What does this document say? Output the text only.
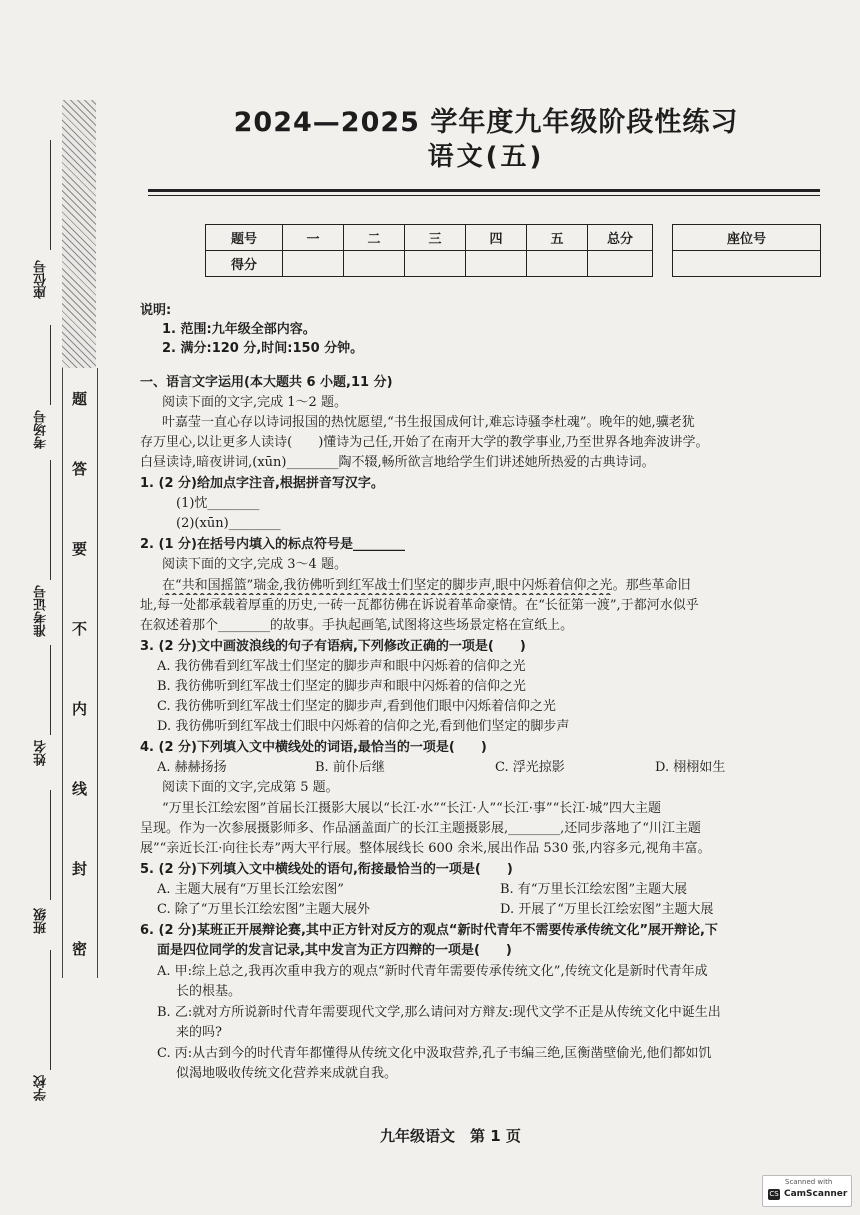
座位号
考场号
准考证号
姓名
班级
学校
密
封
线
内
不
要
答
题
2024—2025 学年度九年级阶段性练习
语文(五)
题号	一	二	三	四	五	总分
得分						
座位号

说明:
1. 范围:九年级全部内容。
2. 满分:120 分,时间:150 分钟。
一、语言文字运用(本大题共 6 小题,11 分)
阅读下面的文字,完成 1～2 题。
叶嘉莹一直心存以诗词报国的热忱愿望,“书生报国成何计,难忘诗骚李杜魂”。晚年的她,骥老犹
存万里心,以让更多人读诗(　　)懂诗为己任,开始了在南开大学的教学事业,乃至世界各地奔波讲学。
白昼读诗,暗夜讲词,(xūn)________陶不辍,畅所欲言地给学生们讲述她所热爱的古典诗词。
1. (2 分)给加点字注音,根据拼音写汉字。
(1)忱________
(2)(xūn)________
2. (1 分)在括号内填入的标点符号是________
阅读下面的文字,完成 3～4 题。
在“共和国摇篮”瑞金,我彷佛听到红军战士们坚定的脚步声,眼中闪烁着信仰之光。那些革命旧
址,每一处都承载着厚重的历史,一砖一瓦都彷佛在诉说着革命豪情。在“长征第一渡”,于都河水似乎
在叙述着那个________的故事。手执起画笔,试图将这些场景定格在宣纸上。
3. (2 分)文中画波浪线的句子有语病,下列修改正确的一项是(　　)
A. 我彷佛看到红军战士们坚定的脚步声和眼中闪烁着的信仰之光
B. 我彷佛听到红军战士们坚定的脚步声和眼中闪烁着的信仰之光
C. 我彷佛听到红军战士们坚定的脚步声,看到他们眼中闪烁着信仰之光
D. 我彷佛听到红军战士们眼中闪烁着的信仰之光,看到他们坚定的脚步声
4. (2 分)下列填入文中横线处的词语,最恰当的一项是(　　)
A. 赫赫扬扬	B. 前仆后继	C. 浮光掠影	D. 栩栩如生
阅读下面的文字,完成第 5 题。
“万里长江绘宏图”首届长江摄影大展以“长江·水”“长江·人”“长江·事”“长江·城”四大主题
呈现。作为一次参展摄影师多、作品涵盖面广的长江主题摄影展,________,还同步落地了“川江主题
展”“亲近长江·向往长寿”两大平行展。整体展线长 600 余米,展出作品 530 张,内容多元,视角丰富。
5. (2 分)下列填入文中横线处的语句,衔接最恰当的一项是(　　)
A. 主题大展有“万里长江绘宏图”	B. 有“万里长江绘宏图”主题大展
C. 除了“万里长江绘宏图”主题大展外	D. 开展了“万里长江绘宏图”主题大展
6. (2 分)某班正开展辩论赛,其中正方针对反方的观点“新时代青年不需要传承传统文化”展开辩论,下
面是四位同学的发言记录,其中发言为正方四辩的一项是(　　)
A. 甲:综上总之,我再次重申我方的观点“新时代青年需要传承传统文化”,传统文化是新时代青年成
长的根基。
B. 乙:就对方所说新时代青年需要现代文学,那么请问对方辩友:现代文学不正是从传统文化中诞生出
来的吗?
C. 丙:从古到今的时代青年都懂得从传统文化中汲取营养,孔子韦编三绝,匡衡凿壁偷光,他们都如饥
似渴地吸收传统文化营养来成就自我。
九年级语文　第 1 页
Scanned with
CS CamScanner
